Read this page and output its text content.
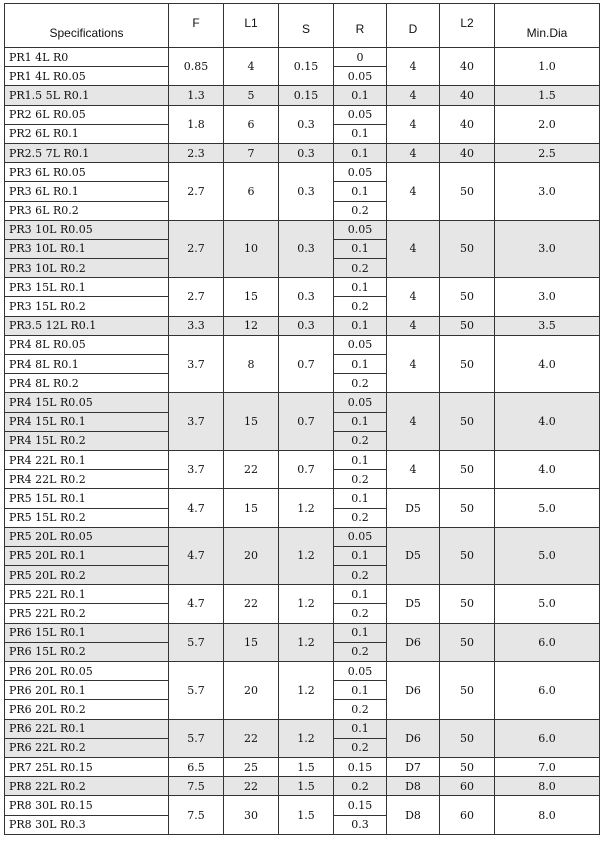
Specifications	F	L1	S	R	D	L2	Min.Dia
PR1 4L R0	0.85	4	0.15	0	4	40	1.0
PR1 4L R0.05				0.05			
PR1.5 5L R0.1	1.3	5	0.15	0.1	4	40	1.5
PR2 6L R0.05	1.8	6	0.3	0.05	4	40	2.0
PR2 6L R0.1				0.1			
PR2.5 7L R0.1	2.3	7	0.3	0.1	4	40	2.5
PR3 6L R0.05	2.7	6	0.3	0.05	4	50	3.0
PR3 6L R0.1				0.1			
PR3 6L R0.2				0.2			
PR3 10L R0.05	2.7	10	0.3	0.05	4	50	3.0
PR3 10L R0.1				0.1			
PR3 10L R0.2				0.2			
PR3 15L R0.1	2.7	15	0.3	0.1	4	50	3.0
PR3 15L R0.2				0.2			
PR3.5 12L R0.1	3.3	12	0.3	0.1	4	50	3.5
PR4 8L R0.05	3.7	8	0.7	0.05	4	50	4.0
PR4 8L R0.1				0.1			
PR4 8L R0.2				0.2			
PR4 15L R0.05	3.7	15	0.7	0.05	4	50	4.0
PR4 15L R0.1				0.1			
PR4 15L R0.2				0.2			
PR4 22L R0.1	3.7	22	0.7	0.1	4	50	4.0
PR4 22L R0.2				0.2			
PR5 15L R0.1	4.7	15	1.2	0.1	D5	50	5.0
PR5 15L R0.2				0.2			
PR5 20L R0.05	4.7	20	1.2	0.05	D5	50	5.0
PR5 20L R0.1				0.1			
PR5 20L R0.2				0.2			
PR5 22L R0.1	4.7	22	1.2	0.1	D5	50	5.0
PR5 22L R0.2				0.2			
PR6 15L R0.1	5.7	15	1.2	0.1	D6	50	6.0
PR6 15L R0.2				0.2			
PR6 20L R0.05	5.7	20	1.2	0.05	D6	50	6.0
PR6 20L R0.1				0.1			
PR6 20L R0.2				0.2			
PR6 22L R0.1	5.7	22	1.2	0.1	D6	50	6.0
PR6 22L R0.2				0.2			
PR7 25L R0.15	6.5	25	1.5	0.15	D7	50	7.0
PR8 22L R0.2	7.5	22	1.5	0.2	D8	60	8.0
PR8 30L R0.15	7.5	30	1.5	0.15	D8	60	8.0
PR8 30L R0.3				0.3			
